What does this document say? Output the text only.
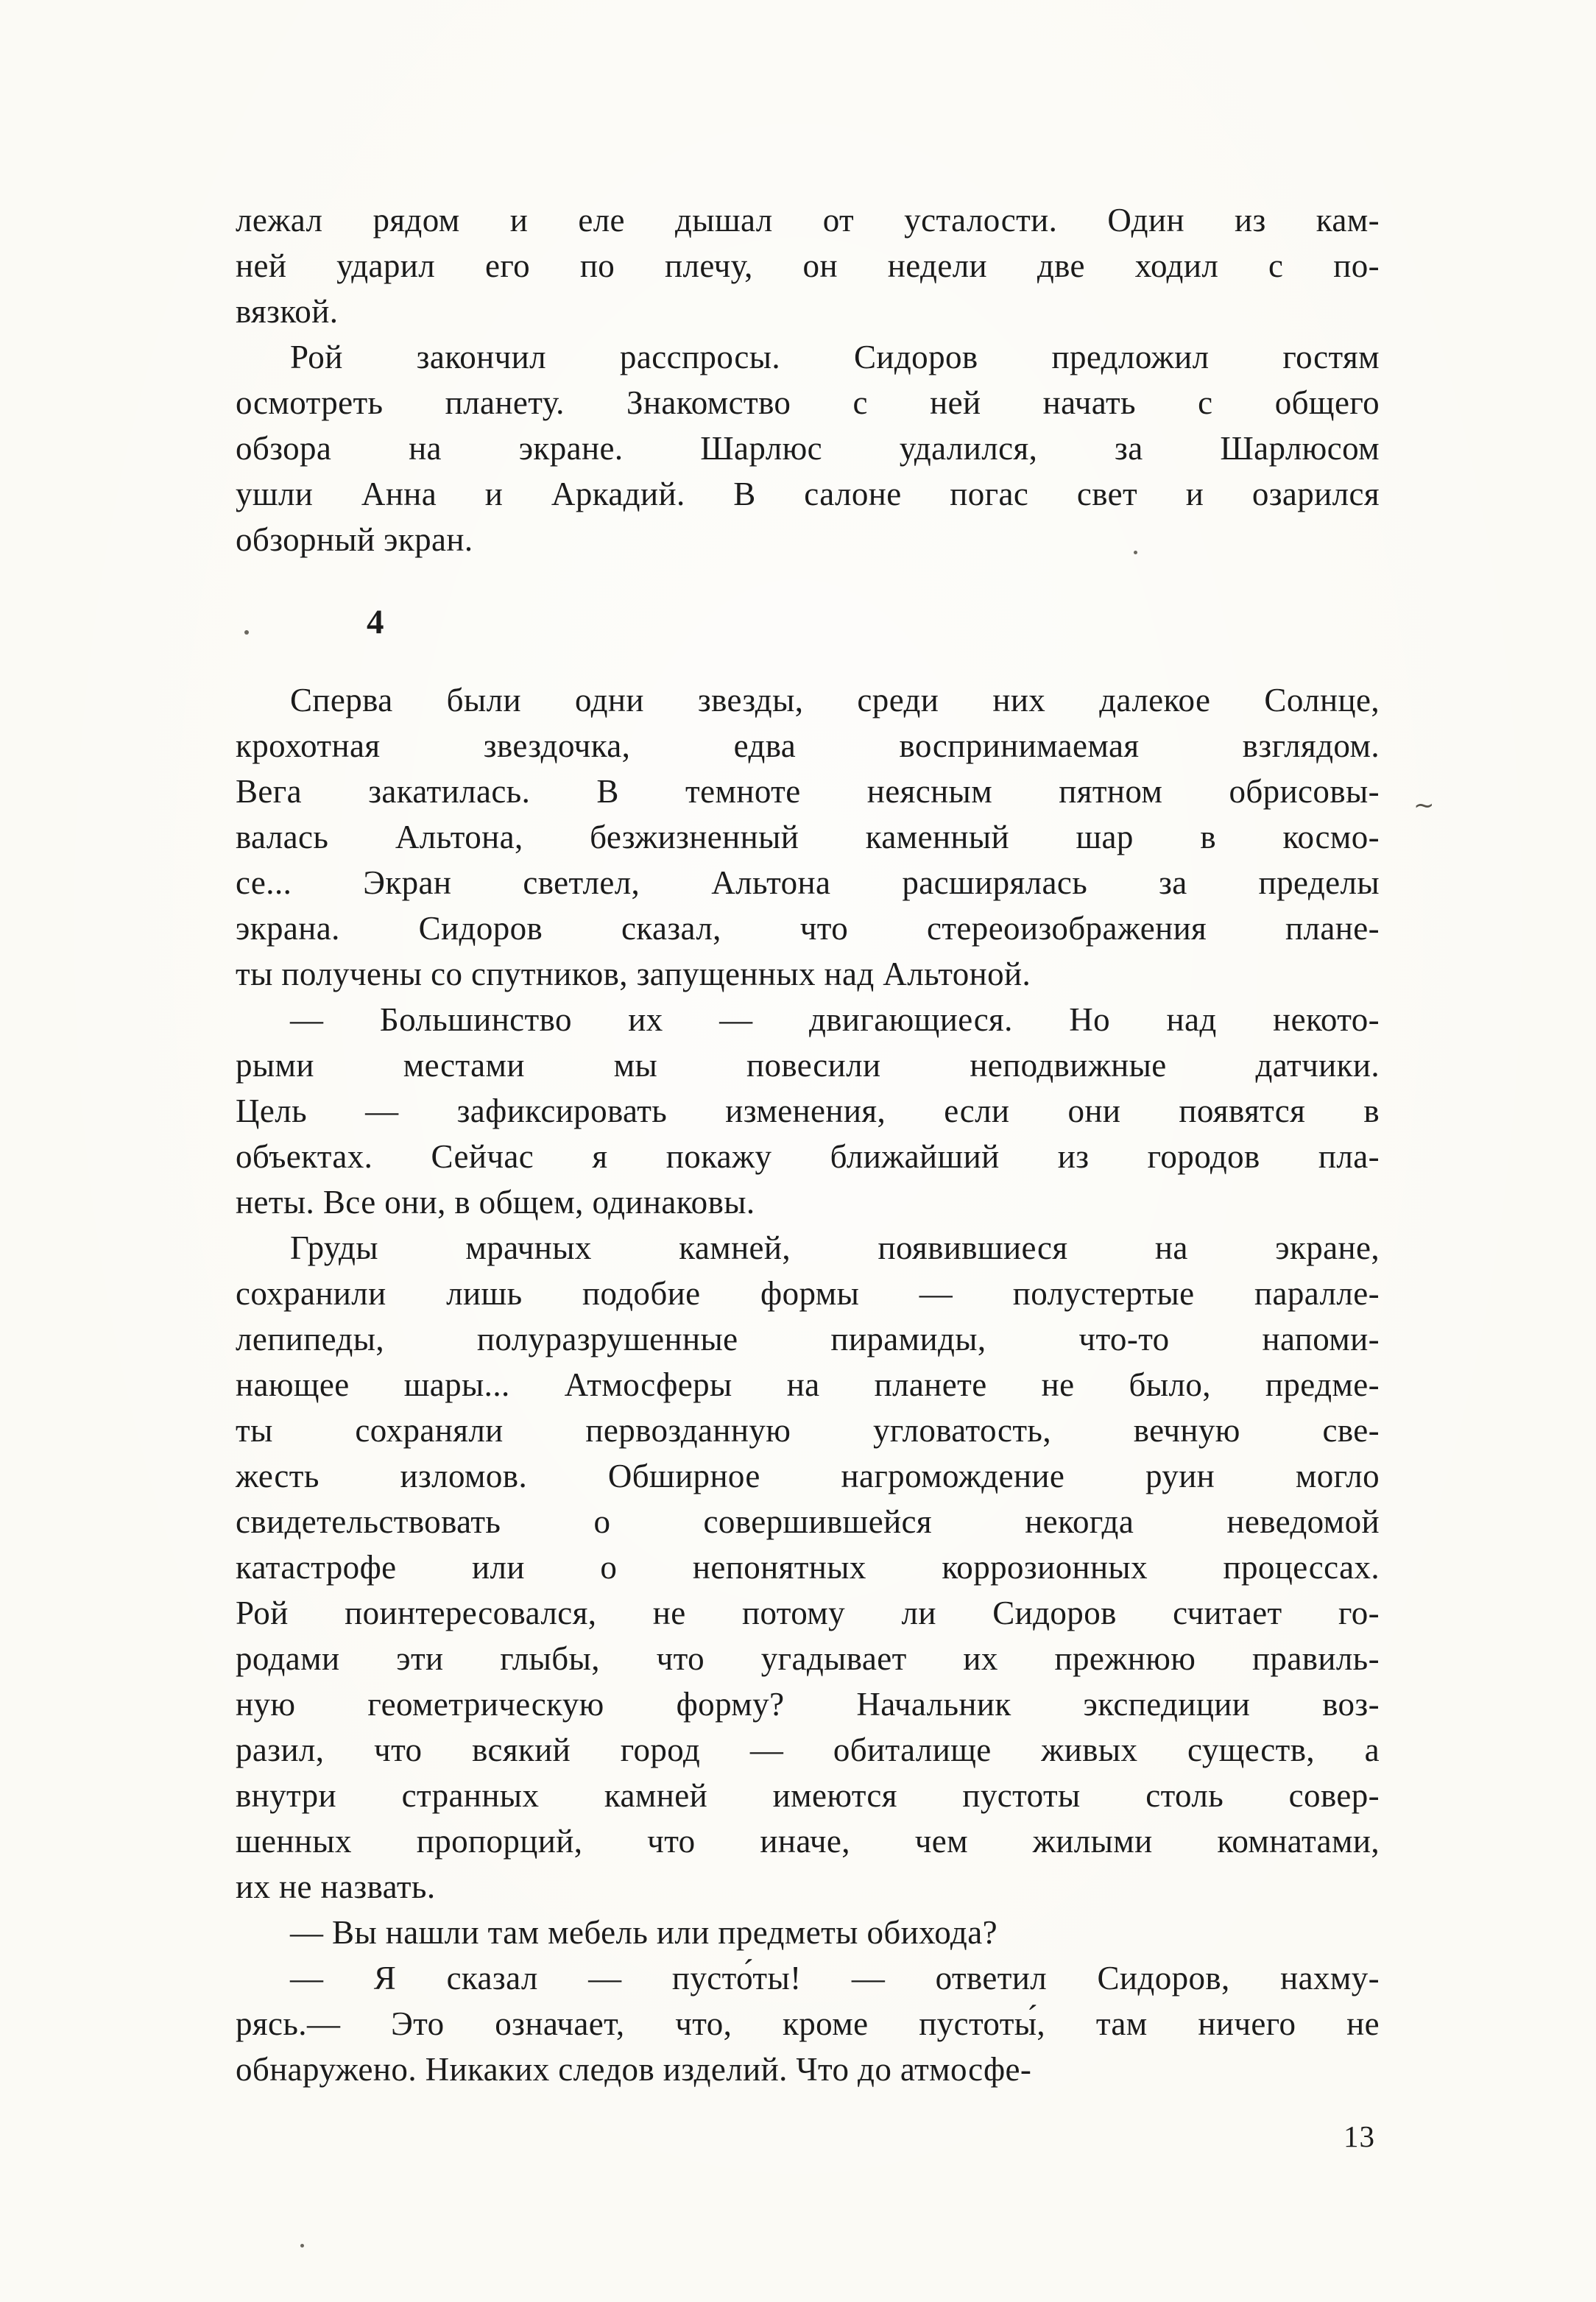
лежал рядом и еле дышал от усталости. Один из кам-
ней ударил его по плечу, он недели две ходил с по-
вязкой.
Рой закончил расспросы. Сидоров предложил гостям
осмотреть планету. Знакомство с ней начать с общего
обзора на экране. Шарлюс удалился, за Шарлюсом
ушли Анна и Аркадий. В салоне погас свет и озарился
обзорный экран.
4
Сперва были одни звезды, среди них далекое Солнце,
крохотная звездочка, едва воспринимаемая взглядом.
Вега закатилась. В темноте неясным пятном обрисовы-
валась Альтона, безжизненный каменный шар в космо-
се... Экран светлел, Альтона расширялась за пределы
экрана. Сидоров сказал, что стереоизображения плане-
ты получены со спутников, запущенных над Альтоной.
— Большинство их — двигающиеся. Но над некото-
рыми местами мы повесили неподвижные датчики.
Цель — зафиксировать изменения, если они появятся в
объектах. Сейчас я покажу ближайший из городов пла-
неты. Все они, в общем, одинаковы.
Груды мрачных камней, появившиеся на экране,
сохранили лишь подобие формы — полустертые паралле-
лепипеды, полуразрушенные пирамиды, что-то напоми-
нающее шары... Атмосферы на планете не было, предме-
ты сохраняли первозданную угловатость, вечную све-
жесть изломов. Обширное нагромождение руин могло
свидетельствовать о совершившейся некогда неведомой
катастрофе или о непонятных коррозионных процессах.
Рой поинтересовался, не потому ли Сидоров считает го-
родами эти глыбы, что угадывает их прежнюю правиль-
ную геометрическую форму? Начальник экспедиции воз-
разил, что всякий город — обиталище живых существ, а
внутри странных камней имеются пустоты столь совер-
шенных пропорций, что иначе, чем жилыми комнатами,
их не назвать.
— Вы нашли там мебель или предметы обихода?
— Я сказал — пусто́ты! — ответил Сидоров, нахму-
рясь.— Это означает, что, кроме пустоты́, там ничего не
обнаружено. Никаких следов изделий. Что до атмосфе-
13
~
